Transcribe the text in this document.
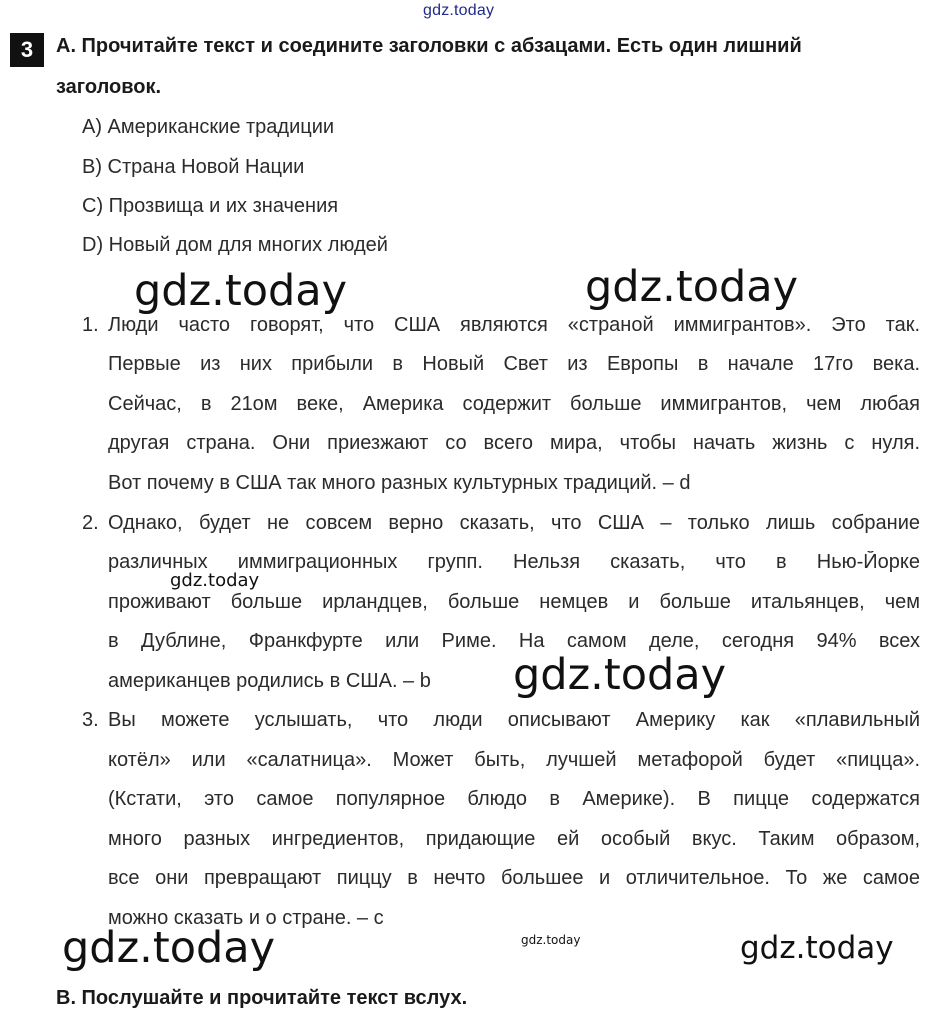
gdz.today
3	A. Прочитайте текст и соедините заголовки с абзацами. Есть один лишний
заголовок.
A) Американские традиции
B) Страна Новой Нации
C) Прозвища и их значения
D) Новый дом для многих людей
gdz.today	gdz.today
1. Люди часто говорят, что США являются «страной иммигрантов». Это так.
Первые из них прибыли в Новый Свет из Европы в начале 17го века.
Сейчас, в 21ом веке, Америка содержит больше иммигрантов, чем любая
другая страна. Они приезжают со всего мира, чтобы начать жизнь с нуля.
Вот почему в США так много разных культурных традиций. – d
2. Однако, будет не совсем верно сказать, что США – только лишь собрание
различных иммиграционных групп. Нельзя сказать, что в Нью-Йорке
gdz.today
проживают больше ирландцев, больше немцев и больше итальянцев, чем
в Дублине, Франкфурте или Риме. На самом деле, сегодня 94% всех
американцев родились в США. – b	gdz.today
3. Вы можете услышать, что люди описывают Америку как «плавильный
котёл» или «салатница». Может быть, лучшей метафорой будет «пицца».
(Кстати, это самое популярное блюдо в Америке). В пицце содержатся
много разных ингредиентов, придающие ей особый вкус. Таким образом,
все они превращают пиццу в нечто большее и отличительное. То же самое
можно сказать и о стране. – c
gdz.today	gdz.today	gdz.today
B. Послушайте и прочитайте текст вслух.
